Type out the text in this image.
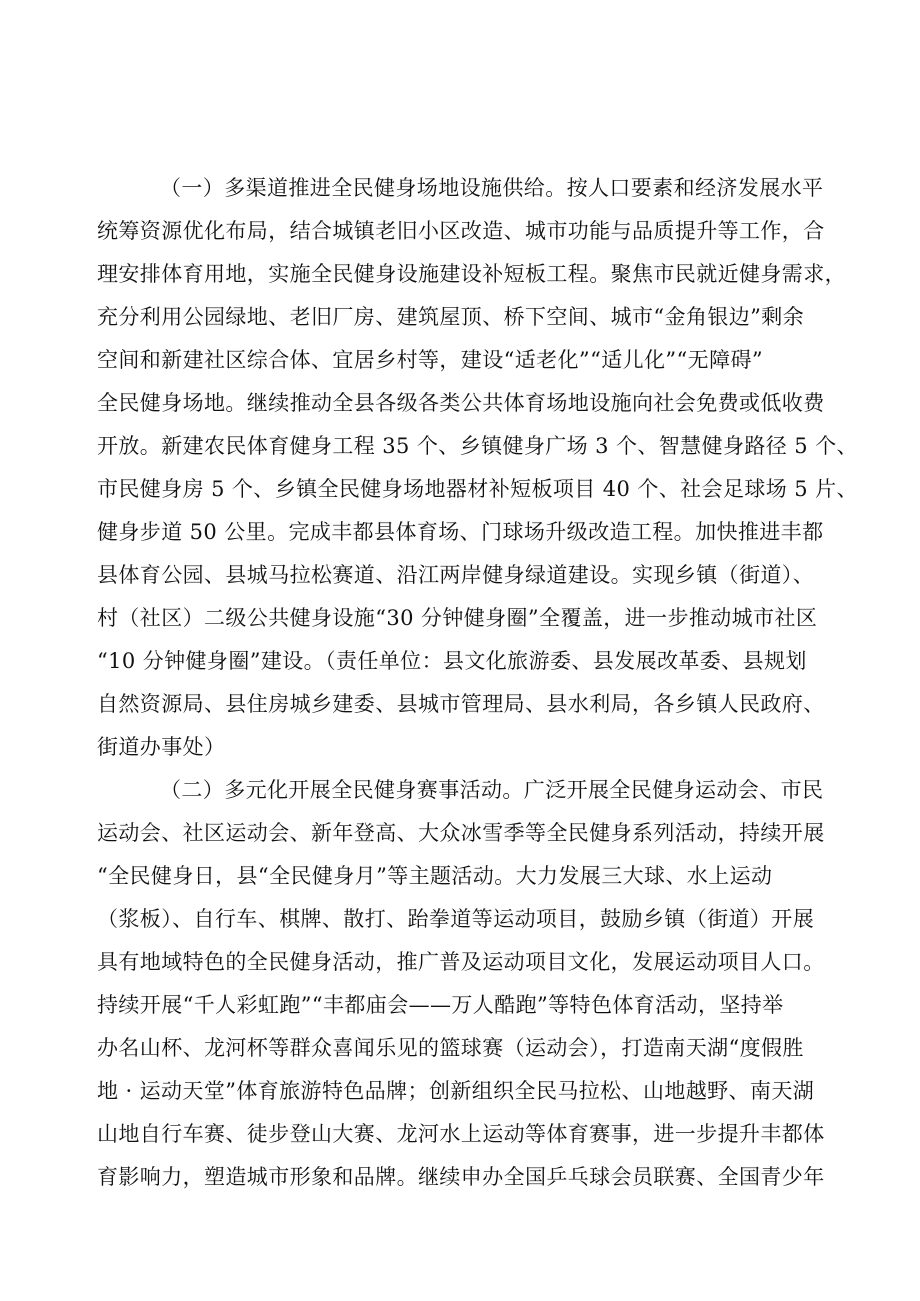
（一）多渠道推进全民健身场地设施供给。按人口要素和经济发展水平
统筹资源优化布局，结合城镇老旧小区改造、城市功能与品质提升等工作，合
理安排体育用地，实施全民健身设施建设补短板工程。聚焦市民就近健身需求，
充分利用公园绿地、老旧厂房、建筑屋顶、桥下空间、城市“金角银边”剩余
空间和新建社区综合体、宜居乡村等，建设“适老化”“适儿化”“无障碍”
全民健身场地。继续推动全县各级各类公共体育场地设施向社会免费或低收费
开放。新建农民体育健身工程 35 个、乡镇健身广场 3 个、智慧健身路径 5 个、
市民健身房 5 个、乡镇全民健身场地器材补短板项目 40 个、社会足球场 5 片、
健身步道 50 公里。完成丰都县体育场、门球场升级改造工程。加快推进丰都
县体育公园、县城马拉松赛道、沿江两岸健身绿道建设。实现乡镇（街道）、
村（社区）二级公共健身设施“30 分钟健身圈”全覆盖，进一步推动城市社区
“10 分钟健身圈”建设。（责任单位：县文化旅游委、县发展改革委、县规划
自然资源局、县住房城乡建委、县城市管理局、县水利局，各乡镇人民政府、
街道办事处）
（二）多元化开展全民健身赛事活动。广泛开展全民健身运动会、市民
运动会、社区运动会、新年登高、大众冰雪季等全民健身系列活动，持续开展
“全民健身日，县“全民健身月”等主题活动。大力发展三大球、水上运动
（浆板）、自行车、棋牌、散打、跆拳道等运动项目，鼓励乡镇（街道）开展
具有地域特色的全民健身活动，推广普及运动项目文化，发展运动项目人口。
持续开展“千人彩虹跑”“丰都庙会——万人酷跑”等特色体育活动，坚持举
办名山杯、龙河杯等群众喜闻乐见的篮球赛（运动会），打造南天湖“度假胜
地 · 运动天堂”体育旅游特色品牌；创新组织全民马拉松、山地越野、南天湖
山地自行车赛、徒步登山大赛、龙河水上运动等体育赛事，进一步提升丰都体
育影响力，塑造城市形象和品牌。继续申办全国乒乓球会员联赛、全国青少年
